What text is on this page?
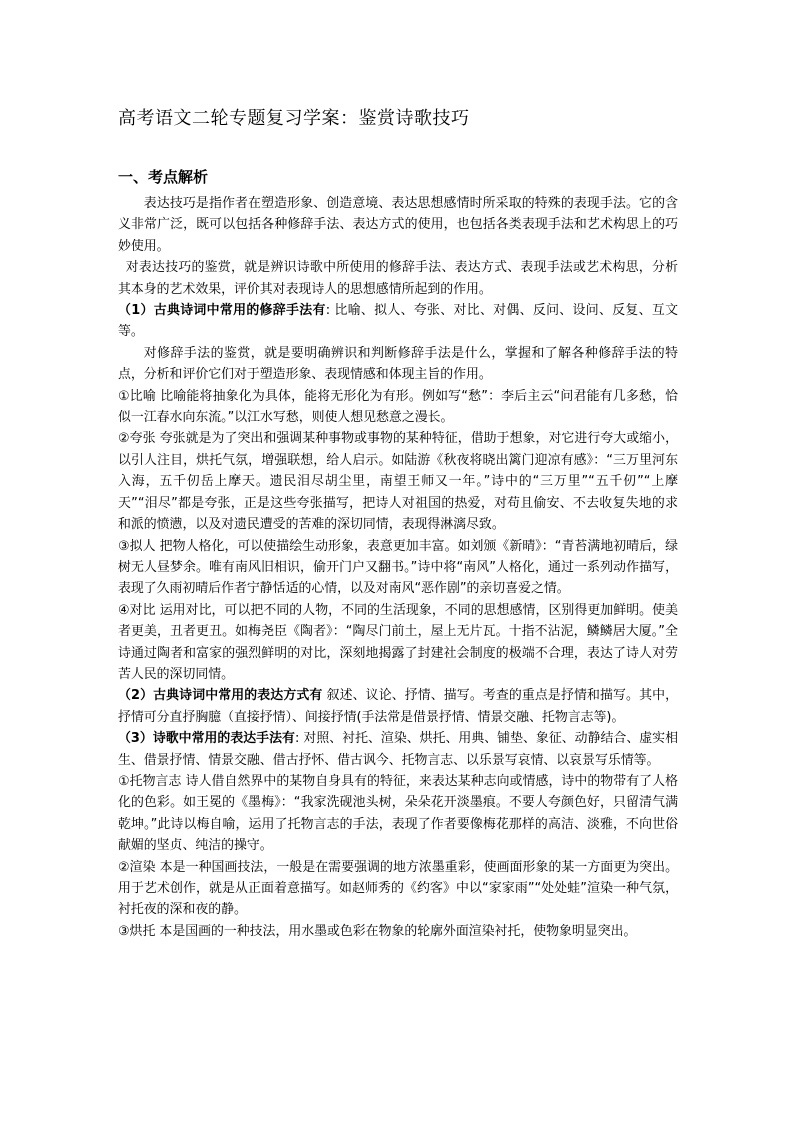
高考语文二轮专题复习学案：鉴赏诗歌技巧
一、考点解析

表达技巧是指作者在塑造形象、创造意境、表达思想感情时所采取的特殊的表现手法。它的含义非常广泛，既可以包括各种修辞手法、表达方式的使用，也包括各类表现手法和艺术构思上的巧妙使用。

对表达技巧的鉴赏，就是辨识诗歌中所使用的修辞手法、表达方式、表现手法或艺术构思，分析其本身的艺术效果，评价其对表现诗人的思想感情所起到的作用。

（1）古典诗词中常用的修辞手法有: 比喻、拟人、夸张、对比、对偶、反问、设问、反复、互文等。

对修辞手法的鉴赏，就是要明确辨识和判断修辞手法是什么，掌握和了解各种修辞手法的特点，分析和评价它们对于塑造形象、表现情感和体现主旨的作用。

①比喻 比喻能将抽象化为具体，能将无形化为有形。例如写“愁”：李后主云“问君能有几多愁，恰似一江春水向东流。”以江水写愁，则使人想见愁意之漫长。

②夸张 夸张就是为了突出和强调某种事物或事物的某种特征，借助于想象，对它进行夸大或缩小，以引人注目，烘托气氛，增强联想，给人启示。如陆游《秋夜将晓出篱门迎凉有感》：“三万里河东入海，五千仞岳上摩天。遗民泪尽胡尘里，南望王师又一年。”诗中的“三万里”“五千仞”“上摩天”“泪尽”都是夸张，正是这些夸张描写，把诗人对祖国的热爱，对苟且偷安、不去收复失地的求和派的愤懑，以及对遗民遭受的苦难的深切同情，表现得淋漓尽致。

③拟人 把物人格化，可以使描绘生动形象，表意更加丰富。如刘颁《新晴》：“青苔满地初晴后，绿树无人昼梦余。唯有南风旧相识，偷开门户又翻书。”诗中将“南风”人格化，通过一系列动作描写，表现了久雨初晴后作者宁静恬适的心情，以及对南风“恶作剧”的亲切喜爱之情。

④对比 运用对比，可以把不同的人物，不同的生活现象，不同的思想感情，区别得更加鲜明。使美者更美，丑者更丑。如梅尧臣《陶者》：“陶尽门前土，屋上无片瓦。十指不沾泥，鳞鳞居大厦。”全诗通过陶者和富家的强烈鲜明的对比，深刻地揭露了封建社会制度的极端不合理，表达了诗人对劳苦人民的深切同情。

（2）古典诗词中常用的表达方式有 叙述、议论、抒情、描写。考查的重点是抒情和描写。其中，抒情可分直抒胸臆（直接抒情）、间接抒情(手法常是借景抒情、情景交融、托物言志等)。

（3）诗歌中常用的表达手法有: 对照、衬托、渲染、烘托、用典、铺垫、象征、动静结合、虚实相生、借景抒情、情景交融、借古抒怀、借古讽今、托物言志、以乐景写哀情、以哀景写乐情等。

①托物言志 诗人借自然界中的某物自身具有的特征，来表达某种志向或情感，诗中的物带有了人格化的色彩。如王冕的《墨梅》：“我家洗砚池头树，朵朵花开淡墨痕。不要人夸颜色好，只留清气满乾坤。”此诗以梅自喻，运用了托物言志的手法，表现了作者要像梅花那样的高洁、淡雅，不向世俗献媚的坚贞、纯洁的操守。

②渲染 本是一种国画技法，一般是在需要强调的地方浓墨重彩，使画面形象的某一方面更为突出。用于艺术创作，就是从正面着意描写。如赵师秀的《约客》中以“家家雨”“处处蛙”渲染一种气氛，衬托夜的深和夜的静。

③烘托 本是国画的一种技法，用水墨或色彩在物象的轮廓外面渲染衬托，使物象明显突出。
